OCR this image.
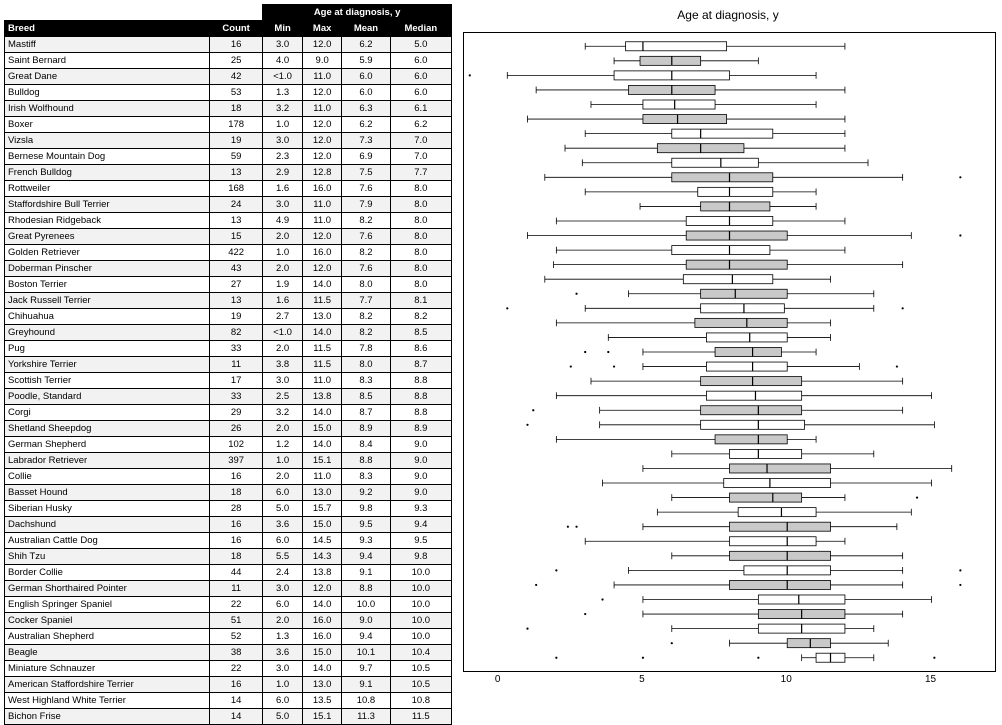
		Age at diagnosis, y			
Breed	Count	Min	Max	Mean	Median
Mastiff	16	3.0	12.0	6.2	5.0
Saint Bernard	25	4.0	9.0	5.9	6.0
Great Dane	42	<1.0	11.0	6.0	6.0
Bulldog	53	1.3	12.0	6.0	6.0
Irish Wolfhound	18	3.2	11.0	6.3	6.1
Boxer	178	1.0	12.0	6.2	6.2
Vizsla	19	3.0	12.0	7.3	7.0
Bernese Mountain Dog	59	2.3	12.0	6.9	7.0
French Bulldog	13	2.9	12.8	7.5	7.7
Rottweiler	168	1.6	16.0	7.6	8.0
Staffordshire Bull Terrier	24	3.0	11.0	7.9	8.0
Rhodesian Ridgeback	13	4.9	11.0	8.2	8.0
Great Pyrenees	15	2.0	12.0	7.6	8.0
Golden Retriever	422	1.0	16.0	8.2	8.0
Doberman Pinscher	43	2.0	12.0	7.6	8.0
Boston Terrier	27	1.9	14.0	8.0	8.0
Jack Russell Terrier	13	1.6	11.5	7.7	8.1
Chihuahua	19	2.7	13.0	8.2	8.2
Greyhound	82	<1.0	14.0	8.2	8.5
Pug	33	2.0	11.5	7.8	8.6
Yorkshire Terrier	11	3.8	11.5	8.0	8.7
Scottish Terrier	17	3.0	11.0	8.3	8.8
Poodle, Standard	33	2.5	13.8	8.5	8.8
Corgi	29	3.2	14.0	8.7	8.8
Shetland Sheepdog	26	2.0	15.0	8.9	8.9
German Shepherd	102	1.2	14.0	8.4	9.0
Labrador Retriever	397	1.0	15.1	8.8	9.0
Collie	16	2.0	11.0	8.3	9.0
Basset Hound	18	6.0	13.0	9.2	9.0
Siberian Husky	28	5.0	15.7	9.8	9.3
Dachshund	16	3.6	15.0	9.5	9.4
Australian Cattle Dog	16	6.0	14.5	9.3	9.5
Shih Tzu	18	5.5	14.3	9.4	9.8
Border Collie	44	2.4	13.8	9.1	10.0
German Shorthaired Pointer	11	3.0	12.0	8.8	10.0
English Springer Spaniel	22	6.0	14.0	10.0	10.0
Cocker Spaniel	51	2.0	16.0	9.0	10.0
Australian Shepherd	52	1.3	16.0	9.4	10.0
Beagle	38	3.6	15.0	10.1	10.4
Miniature Schnauzer	22	3.0	14.0	9.7	10.5
American Staffordshire Terrier	16	1.0	13.0	9.1	10.5
West Highland White Terrier	14	6.0	13.5	10.8	10.8
Bichon Frise	14	5.0	15.1	11.3	11.5
Age at diagnosis, y
0	5	10	15
